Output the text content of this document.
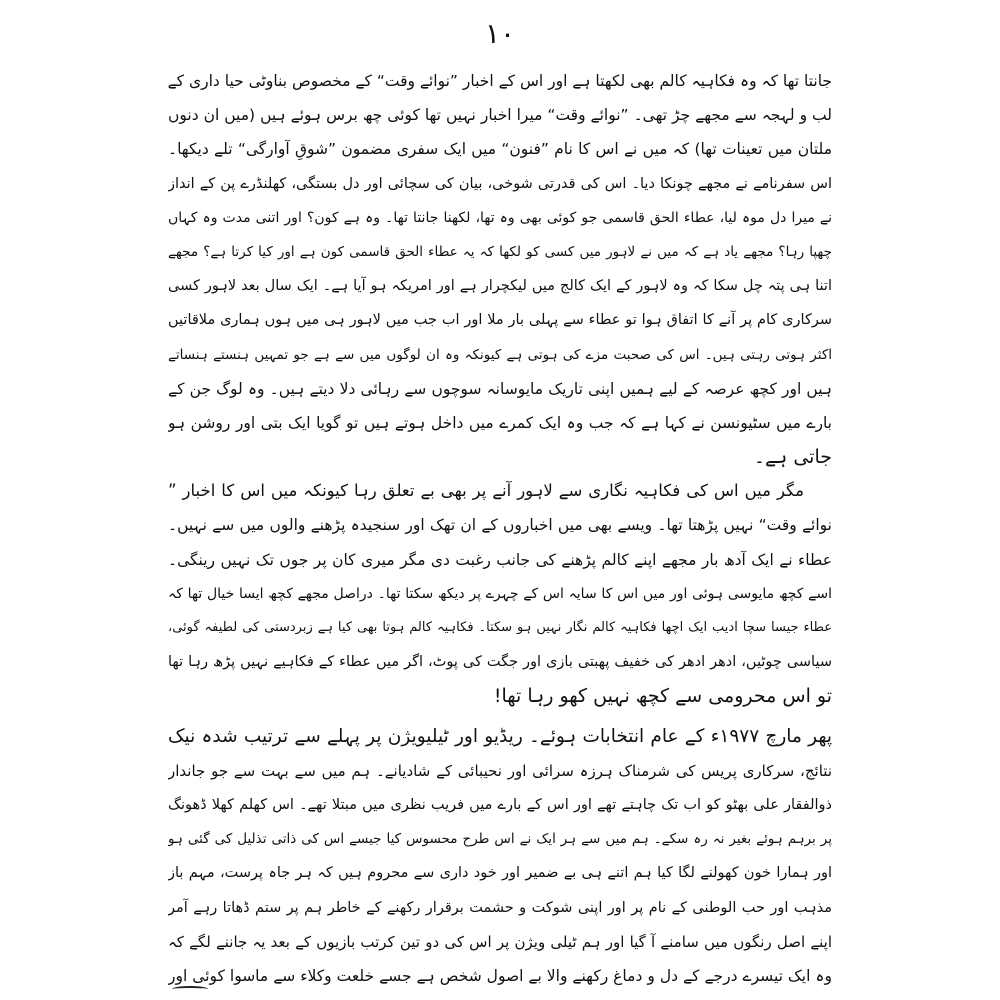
۱۰
جانتا تھا کہ وہ فکاہیہ کالم بھی لکھتا ہے اور اس کے اخبار ”نوائے وقت“ کے مخصوص بناوٹی حیا داری کے
لب و لہجہ سے مجھے چڑ تھی۔ ”نوائے وقت“ میرا اخبار نہیں تھا کوئی چھ برس ہوئے ہیں (میں ان دنوں
ملتان میں تعینات تھا) کہ میں نے اس کا نام ”فنون“ میں ایک سفری مضمون ”شوقِ آوارگی“ تلے دیکھا۔
اس سفرنامے نے مجھے چونکا دیا۔ اس کی قدرتی شوخی، بیان کی سچائی اور دل بستگی، کھلنڈرے پن کے انداز
نے میرا دل موہ لیا، عطاء الحق قاسمی جو کوئی بھی وہ تھا، لکھنا جانتا تھا۔ وہ ہے کون؟ اور اتنی مدت وہ کہاں
چھپا رہا؟ مجھے یاد ہے کہ میں نے لاہور میں کسی کو لکھا کہ یہ عطاء الحق قاسمی کون ہے اور کیا کرتا ہے؟ مجھے
اتنا ہی پتہ چل سکا کہ وہ لاہور کے ایک کالج میں لیکچرار ہے اور امریکہ ہو آیا ہے۔ ایک سال بعد لاہور کسی
سرکاری کام پر آنے کا اتفاق ہوا تو عطاء سے پہلی بار ملا اور اب جب میں لاہور ہی میں ہوں ہماری ملاقاتیں
اکثر ہوتی رہتی ہیں۔ اس کی صحبت مزے کی ہوتی ہے کیونکہ وہ ان لوگوں میں سے ہے جو تمہیں ہنستے ہنساتے
ہیں اور کچھ عرصہ کے لیے ہمیں اپنی تاریک مایوسانہ سوچوں سے رہائی دلا دیتے ہیں۔ وہ لوگ جن کے
بارے میں سٹیونسن نے کہا ہے کہ جب وہ ایک کمرے میں داخل ہوتے ہیں تو گویا ایک بتی اور روشن ہو
جاتی ہے۔
مگر میں اس کی فکاہیہ نگاری سے لاہور آنے پر بھی بے تعلق رہا کیونکہ میں اس کا اخبار ”
نوائے وقت“ نہیں پڑھتا تھا۔ ویسے بھی میں اخباروں کے ان تھک اور سنجیدہ پڑھنے والوں میں سے نہیں۔
عطاء نے ایک آدھ بار مجھے اپنے کالم پڑھنے کی جانب رغبت دی مگر میری کان پر جوں تک نہیں رینگی۔
اسے کچھ مایوسی ہوئی اور میں اس کا سایہ اس کے چہرے پر دیکھ سکتا تھا۔ دراصل مجھے کچھ ایسا خیال تھا کہ
عطاء جیسا سچا ادیب ایک اچھا فکاہیہ کالم نگار نہیں ہو سکتا۔ فکاہیہ کالم ہوتا بھی کیا ہے زبردستی کی لطیفہ گوئی،
سیاسی چوٹیں، ادھر ادھر کی خفیف پھبتی بازی اور جگت کی پوٹ، اگر میں عطاء کے فکاہیے نہیں پڑھ رہا تھا
تو اس محرومی سے کچھ نہیں کھو رہا تھا!
پھر مارچ ۱۹۷۷ء کے عام انتخابات ہوئے۔ ریڈیو اور ٹیلیویژن پر پہلے سے ترتیب شدہ نیک
نتائج، سرکاری پریس کی شرمناک ہرزہ سرائی اور نحیبائی کے شادیانے۔ ہم میں سے بہت سے جو جاندار
ذوالفقار علی بھٹو کو اب تک چاہتے تھے اور اس کے بارے میں فریب نظری میں مبتلا تھے۔ اس کھلم کھلا ڈھونگ
پر برہم ہوئے بغیر نہ رہ سکے۔ ہم میں سے ہر ایک نے اس طرح محسوس کیا جیسے اس کی ذاتی تذلیل کی گئی ہو
اور ہمارا خون کھولنے لگا کیا ہم اتنے ہی بے ضمیر اور خود داری سے محروم ہیں کہ ہر جاہ پرست، مہم باز
مذہب اور حب الوطنی کے نام پر اور اپنی شوکت و حشمت برقرار رکھنے کے خاطر ہم پر ستم ڈھاتا رہے آمر
اپنے اصل رنگوں میں سامنے آ گیا اور ہم ٹیلی ویژن پر اس کی دو تین کرتب بازیوں کے بعد یہ جاننے لگے کہ
وہ ایک تیسرے درجے کے دل و دماغ رکھنے والا بے اصول شخص ہے جسے خلعت وکلاء سے ماسوا کوئی اور
